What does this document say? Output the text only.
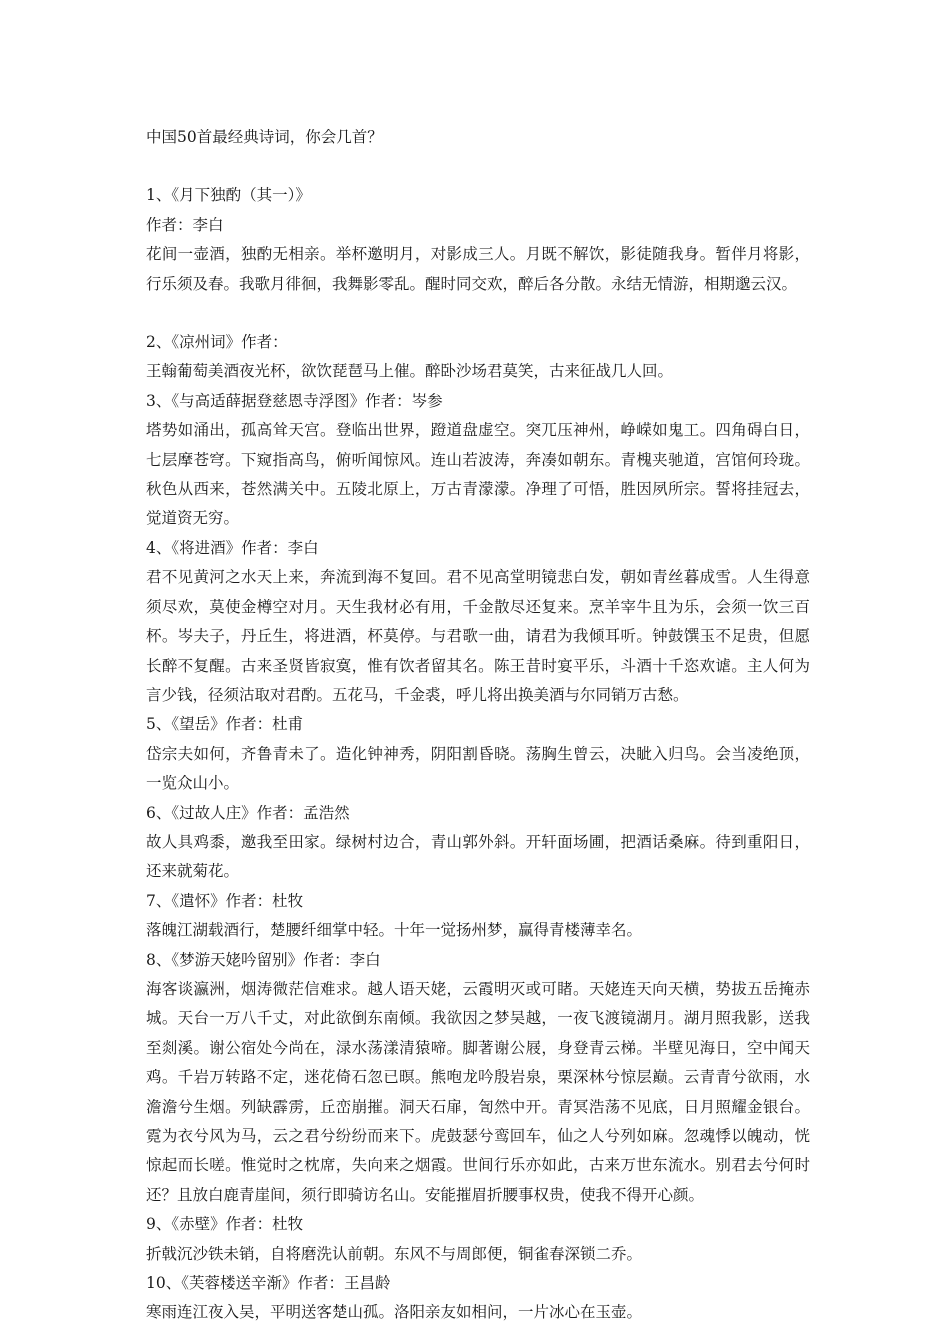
中国50首最经典诗词，你会几首？
1、《月下独酌（其一）》
作者：李白
花间一壶酒，独酌无相亲。举杯邀明月，对影成三人。月既不解饮，影徒随我身。暂伴月将影，行乐须及春。我歌月徘徊，我舞影零乱。醒时同交欢，醉后各分散。永结无情游，相期邈云汉。
2、《凉州词》作者：
王翰葡萄美酒夜光杯，欲饮琵琶马上催。醉卧沙场君莫笑，古来征战几人回。
3、《与高适薛据登慈恩寺浮图》作者：岑参
塔势如涌出，孤高耸天宫。登临出世界，蹬道盘虚空。突兀压神州，峥嵘如鬼工。四角碍白日，七层摩苍穹。下窥指高鸟，俯听闻惊风。连山若波涛，奔凑如朝东。青槐夹驰道，宫馆何玲珑。秋色从西来，苍然满关中。五陵北原上，万古青濛濛。净理了可悟，胜因夙所宗。誓将挂冠去，觉道资无穷。
4、《将进酒》作者：李白
君不见黄河之水天上来，奔流到海不复回。君不见高堂明镜悲白发，朝如青丝暮成雪。人生得意须尽欢，莫使金樽空对月。天生我材必有用，千金散尽还复来。烹羊宰牛且为乐，会须一饮三百杯。岑夫子，丹丘生，将进酒，杯莫停。与君歌一曲，请君为我倾耳听。钟鼓馔玉不足贵，但愿长醉不复醒。古来圣贤皆寂寞，惟有饮者留其名。陈王昔时宴平乐，斗酒十千恣欢谑。主人何为言少钱，径须沽取对君酌。五花马，千金裘，呼儿将出换美酒与尔同销万古愁。
5、《望岳》作者：杜甫
岱宗夫如何，齐鲁青未了。造化钟神秀，阴阳割昏晓。荡胸生曾云，决眦入归鸟。会当凌绝顶，一览众山小。
6、《过故人庄》作者：孟浩然
故人具鸡黍，邀我至田家。绿树村边合，青山郭外斜。开轩面场圃，把酒话桑麻。待到重阳日，还来就菊花。
7、《遣怀》作者：杜牧
落魄江湖载酒行，楚腰纤细掌中轻。十年一觉扬州梦，赢得青楼薄幸名。
8、《梦游天姥吟留别》作者：李白
海客谈瀛洲，烟涛微茫信难求。越人语天姥，云霞明灭或可睹。天姥连天向天横，势拔五岳掩赤城。天台一万八千丈，对此欲倒东南倾。我欲因之梦吴越，一夜飞渡镜湖月。湖月照我影，送我至剡溪。谢公宿处今尚在，渌水荡漾清猿啼。脚著谢公屐，身登青云梯。半壁见海日，空中闻天鸡。千岩万转路不定，迷花倚石忽已暝。熊咆龙吟殷岩泉，栗深林兮惊层巅。云青青兮欲雨，水澹澹兮生烟。列缺霹雳，丘峦崩摧。洞天石扉，訇然中开。青冥浩荡不见底，日月照耀金银台。霓为衣兮风为马，云之君兮纷纷而来下。虎鼓瑟兮鸾回车，仙之人兮列如麻。忽魂悸以魄动，恍惊起而长嗟。惟觉时之枕席，失向来之烟霞。世间行乐亦如此，古来万世东流水。别君去兮何时还？且放白鹿青崖间，须行即骑访名山。安能摧眉折腰事权贵，使我不得开心颜。
9、《赤壁》作者：杜牧
折戟沉沙铁未销，自将磨洗认前朝。东风不与周郎便，铜雀春深锁二乔。
10、《芙蓉楼送辛渐》作者：王昌龄
寒雨连江夜入吴，平明送客楚山孤。洛阳亲友如相问，一片冰心在玉壶。
